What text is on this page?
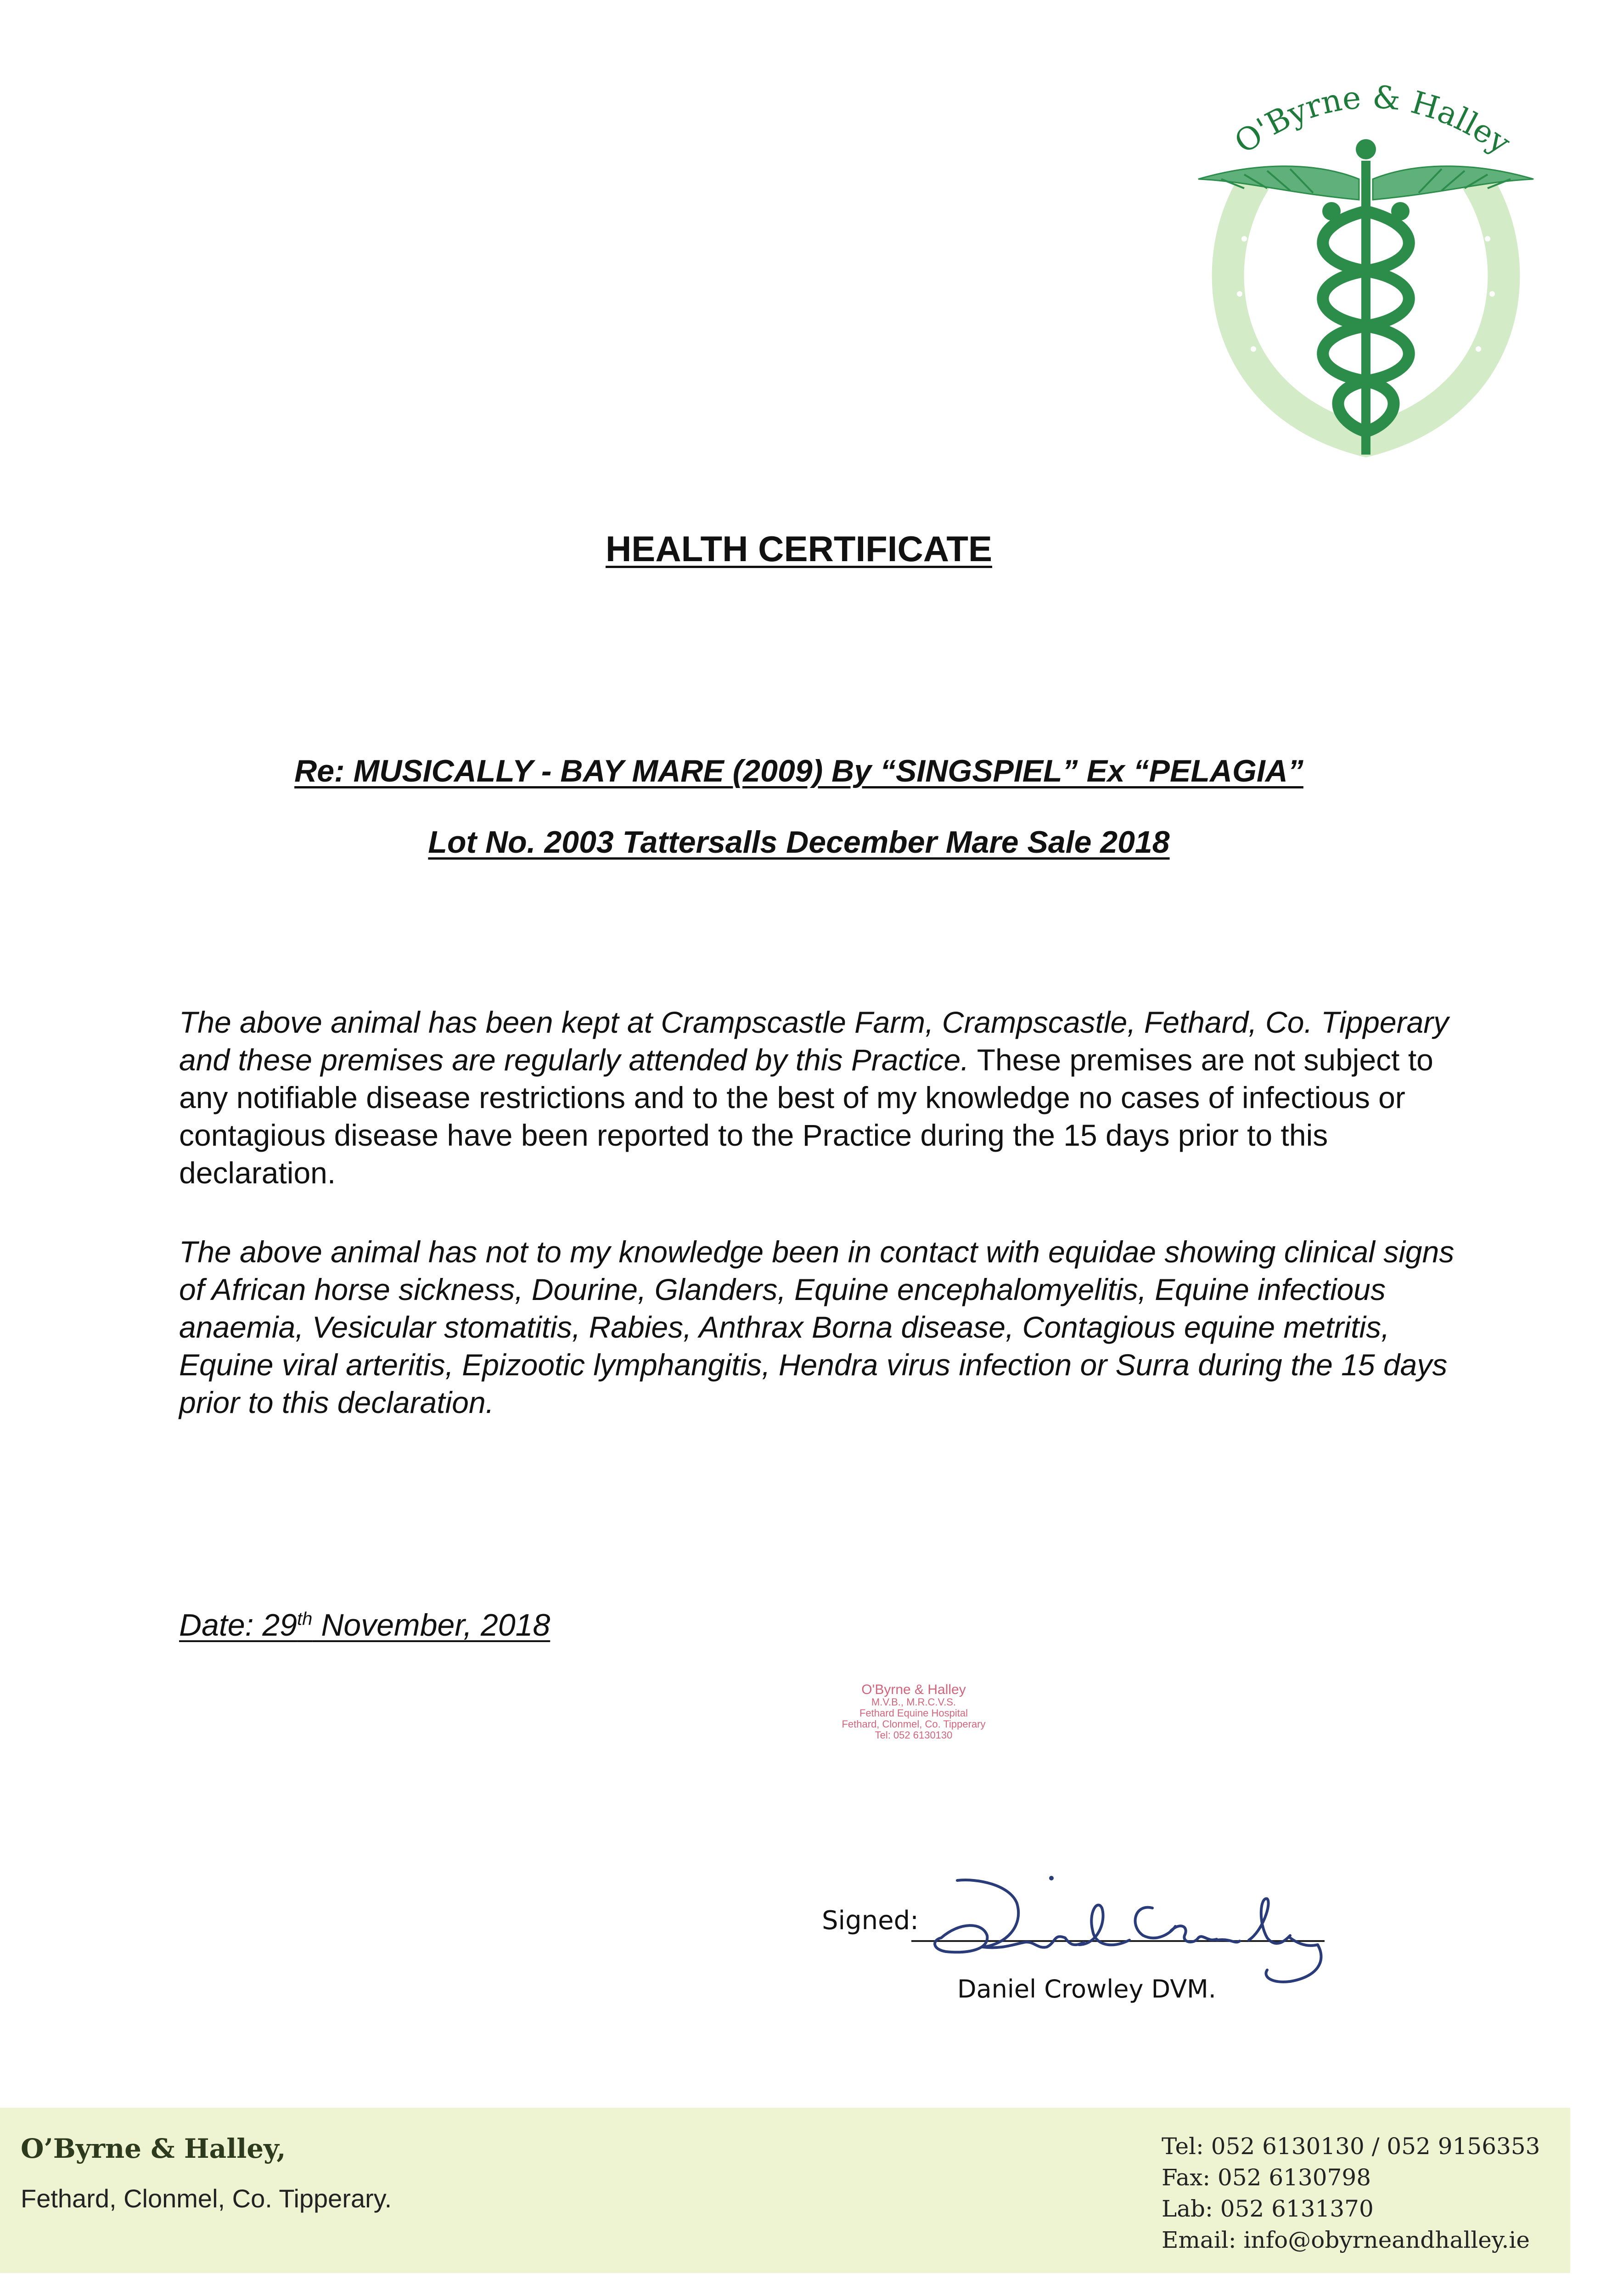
O'Byrne & Halley
HEALTH CERTIFICATE
Re: MUSICALLY - BAY MARE (2009) By “SINGSPIEL” Ex “PELAGIA”
Lot No. 2003 Tattersalls December Mare Sale 2018
The above animal has been kept at Crampscastle Farm, Crampscastle, Fethard, Co. Tipperary and these premises are regularly attended by this Practice. These premises are not subject to any notifiable disease restrictions and to the best of my knowledge no cases of infectious or contagious disease have been reported to the Practice during the 15 days prior to this declaration.
The above animal has not to my knowledge been in contact with equidae showing clinical signs of African horse sickness, Dourine, Glanders, Equine encephalomyelitis, Equine infectious anaemia, Vesicular stomatitis, Rabies, Anthrax Borna disease, Contagious equine metritis, Equine viral arteritis, Epizootic lymphangitis, Hendra virus infection or Surra during the 15 days prior to this declaration.
Date: 29th November, 2018
O'Byrne & Halley
M.V.B., M.R.C.V.S.
Fethard Equine Hospital
Fethard, Clonmel, Co. Tipperary
Tel: 052 6130130
Signed:
Daniel Crowley DVM.
O’Byrne & Halley,
Fethard, Clonmel, Co. Tipperary.
Tel: 052 6130130 / 052 9156353
Fax: 052 6130798
Lab: 052 6131370
Email: info@obyrneandhalley.ie
